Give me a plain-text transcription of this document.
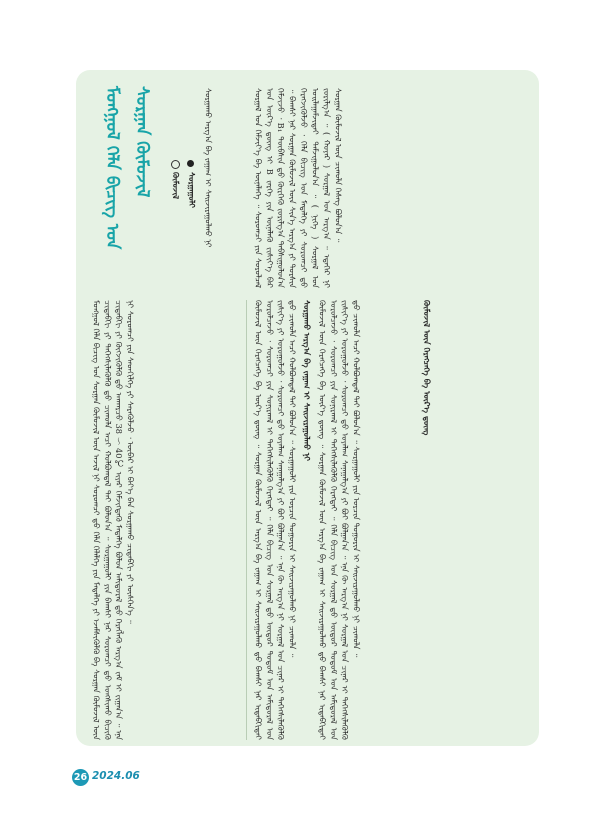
ᠮᠣᠩᠭᠣᠯ ᠬᠡᠯᠡ ᠪᠢᠴᠢᠭ ᠤᠨ ᠰᠤᠷᠭᠠᠨ ᠬᠦᠮᠦᠵᠢᠯ ᠬᠦᠮᠦᠵᠢᠯ ᠰᠤᠷᠭᠠᠭᠤᠯᠢ ᠰᠤᠷᠭᠠᠬᠤ ᠠᠷᠭ᠎ᠠ ᠪᠠ ᠵᠠᠭᠠᠭ ᠢ ᠰᠠᠢᠵᠢᠷᠠᠭᠤᠯᠬᠤ ᠨᠢ
ᠮᠣᠩᠭᠣᠯ ᠬᠡᠯᠡ ᠪᠢᠴᠢᠭ ᠤᠨ ᠰᠤᠷᠭᠠᠨ ᠬᠦᠮᠦᠵᠢᠯ ᠦᠨ ᠠᠵᠢᠯ ᠨᠢ ᠰᠤᠷᠤᠭᠴᠢ ᠳ᠋ᠤ ᠬᠡᠯᠡ ᠬᠡᠯᠡᠯᠭᠡ ᠶᠢᠨ ᠮᠡᠳᠡᠯᠭᠡ ᠶᠢ ᠡᠵᠡᠮᠰᠢᠭᠦᠯᠬᠦ ᠪᠠ ᠰᠤᠷᠭᠠᠨ ᠬᠦᠮᠦᠵᠢᠯ ᠦᠨ ᠴᠢᠳᠠᠪᠬᠢ ᠶᠢ ᠳᠡᠭᠡᠭᠰᠢᠯᠡᠭᠦᠯᠬᠦ ᠳ᠋ᠦ ᠴᠢᠬᠤᠯᠠ ᠠᠴᠢ ᠬᠣᠯᠪᠤᠭᠳᠠᠯ ᠲᠠᠢ ᠪᠣᠯᠤᠨ᠎ᠠ ᠃ ᠰᠤᠷᠭᠠᠭᠤᠯᠢ ᠶᠢᠨ ᠪᠠᠭᠰᠢ ᠨᠠᠷ ᠰᠤᠷᠤᠭᠴᠢ ᠳ᠋ᠤ ᠣᠩᠰᠢᠬᠤ ᠪᠢᠴᠢᠬᠦ ᠴᠢᠳᠠᠪᠬᠢ ᠶᠢ ᠬᠥᠭᠵᠢᠭᠦᠯᠬᠦ ᠳ᠋ᠦ ᠠᠨᠬᠠᠷᠴᠤ 38 ～ 40℃ ᠢᠶᠠᠷ ᠬᠡᠮᠵᠢᠭᠳᠡᠬᠦ ᠮᠡᠳᠡᠯᠭᠡ ᠪᠣᠯᠤᠨ ᠠᠮᠢᠳᠤᠷᠠᠯ ᠳ᠋ᠤ ᠬᠡᠷᠡᠭᠯᠡᠬᠦ ᠠᠷᠭ᠎ᠠ ᠵᠠᠮ ᠢ ᠵᠢᠭᠠᠨ᠎ᠠ ᠃ ᠡᠨᠡ ᠨᠢ ᠰᠤᠷᠤᠭᠴᠢ ᠶᠢᠨ ᠰᠡᠳᠬᠢᠯᠭᠡ ᠶᠢ ᠰᠡᠷᠡᠭᠦᠯᠵᠦ ᠂ ᠥᠪᠡᠷ ᠢ ᠪᠡᠶ᠎ᠡ ᠪᠡᠨ ᠰᠤᠷᠭᠠᠬᠤ ᠴᠢᠳᠠᠪᠬᠢ ᠶᠢ ᠥᠰᠬᠡᠨ᠎ᠡ ᠃	ᠰᠤᠷᠭᠠᠬᠤ ᠠᠷᠭ᠎ᠠ ᠪᠠ ᠵᠠᠭᠠᠭ ᠢ ᠰᠠᠢᠵᠢᠷᠠᠭᠤᠯᠬᠤ ᠨᠢ
ᠬᠦᠮᠦᠵᠢᠯ ᠦᠨ ᠬᠡᠷᠡᠭᠴᠡᠭᠡ ᠪᠠ ᠦᠷ᠎ᠡ ᠳ᠋ᠦᠩ ᠃ ᠰᠤᠷᠭᠠᠨ ᠬᠦᠮᠦᠵᠢᠯ ᠦᠨ ᠠᠷᠭ᠎ᠠ ᠪᠠ ᠵᠠᠭᠠᠭ ᠢ ᠰᠠᠢᠵᠢᠷᠠᠭᠤᠯᠬᠤ ᠳ᠋ᠤ ᠪᠠᠭᠰᠢ ᠨᠠᠷ ᠢᠳᠡᠪᠬᠢᠲᠡᠢ ᠣᠷᠣᠯᠴᠠᠵᠤ ᠂ ᠰᠤᠷᠤᠭᠴᠢ ᠶᠢᠨ ᠰᠣᠨᠢᠷᠬᠠᠯ ᠢ ᠳᠡᠭᠡᠭᠰᠢᠯᠡᠭᠦᠯᠬᠦ ᠬᠡᠷᠡᠭᠲᠡᠢ ᠃ ᠬᠡᠯᠡ ᠪᠢᠴᠢᠭ ᠤᠨ ᠰᠤᠷᠭᠠᠯ ᠳ᠋ᠤ ᠥᠳᠥᠷ ᠲᠤᠲᠤᠮ ᠤᠨ ᠠᠮᠢᠳᠤᠷᠠᠯ ᠤᠨ ᠵᠢᠱᠢᠶ᠎ᠡ ᠶᠢ ᠣᠷᠣᠭᠤᠯᠵᠤ ᠂ ᠰᠤᠷᠤᠭᠴᠢ ᠳ᠋ᠤ ᠤᠶᠠᠯᠠᠭ ᠰᠠᠨᠠᠭᠠᠯᠭ᠎ᠠ ᠶᠢ ᠪᠣᠢ ᠪᠣᠯᠭᠠᠨ᠎ᠠ ᠃ ᠡᠨᠡ ᠬᠦ ᠠᠷᠭ᠎ᠠ ᠨᠢ ᠰᠤᠷᠭᠠᠯ ᠤᠨ ᠴᠢᠨᠠᠷ ᠢ ᠳᠡᠭᠡᠭᠰᠢᠯᠡᠭᠦᠯᠬᠦ ᠳ᠋ᠦ ᠴᠢᠬᠤᠯᠠ ᠠᠴᠢ ᠬᠣᠯᠪᠤᠭᠳᠠᠯ ᠲᠠᠢ ᠪᠣᠯᠤᠨ᠎ᠠ ᠃ ᠰᠤᠷᠭᠠᠭᠤᠯᠢ ᠶᠢᠨ ᠣᠷᠴᠢᠨ ᠲᠣᠭᠣᠷᠢᠨ ᠢ ᠰᠠᠢᠵᠢᠷᠠᠭᠤᠯᠬᠤ ᠨᠢ ᠴᠢᠬᠤᠯᠠ ᠃ ᠬᠦᠮᠦᠵᠢᠯ ᠦᠨ ᠬᠡᠷᠡᠭᠴᠡᠭᠡ ᠪᠠ ᠦᠷ᠎ᠡ ᠳ᠋ᠦᠩ ᠃ ᠰᠤᠷᠭᠠᠨ ᠬᠦᠮᠦᠵᠢᠯ ᠦᠨ ᠠᠷᠭ᠎ᠠ ᠪᠠ ᠵᠠᠭᠠᠭ ᠢ ᠰᠠᠢᠵᠢᠷᠠᠭᠤᠯᠬᠤ ᠳ᠋ᠤ ᠪᠠᠭᠰᠢ ᠨᠠᠷ ᠢᠳᠡᠪᠬᠢᠲᠡᠢ ᠣᠷᠣᠯᠴᠠᠵᠤ ᠂ ᠰᠤᠷᠤᠭᠴᠢ ᠶᠢᠨ ᠰᠣᠨᠢᠷᠬᠠᠯ ᠢ ᠳᠡᠭᠡᠭᠰᠢᠯᠡᠭᠦᠯᠬᠦ ᠬᠡᠷᠡᠭᠲᠡᠢ ᠃ ᠬᠡᠯᠡ ᠪᠢᠴᠢᠭ ᠤᠨ ᠰᠤᠷᠭᠠᠯ ᠳ᠋ᠤ ᠥᠳᠥᠷ ᠲᠤᠲᠤᠮ ᠤᠨ ᠠᠮᠢᠳᠤᠷᠠᠯ ᠤᠨ ᠵᠢᠱᠢᠶ᠎ᠡ ᠶᠢ ᠣᠷᠣᠭᠤᠯᠵᠤ ᠂ ᠰᠤᠷᠤᠭᠴᠢ ᠳ᠋ᠤ ᠤᠶᠠᠯᠠᠭ ᠰᠠᠨᠠᠭᠠᠯᠭ᠎ᠠ ᠶᠢ ᠪᠣᠢ ᠪᠣᠯᠭᠠᠨ᠎ᠠ ᠃ ᠡᠨᠡ ᠬᠦ ᠠᠷᠭ᠎ᠠ ᠨᠢ ᠰᠤᠷᠭᠠᠯ ᠤᠨ ᠴᠢᠨᠠᠷ ᠢ ᠳᠡᠭᠡᠭᠰᠢᠯᠡᠭᠦᠯᠬᠦ ᠳ᠋ᠦ ᠴᠢᠬᠤᠯᠠ ᠠᠴᠢ ᠬᠣᠯᠪᠤᠭᠳᠠᠯ ᠲᠠᠢ ᠪᠣᠯᠤᠨ᠎ᠠ ᠃ ᠰᠤᠷᠭᠠᠭᠤᠯᠢ ᠶᠢᠨ ᠣᠷᠴᠢᠨ ᠲᠣᠭᠣᠷᠢᠨ ᠢ ᠰᠠᠢᠵᠢᠷᠠᠭᠤᠯᠬᠤ ᠨᠢ ᠴᠢᠬᠤᠯᠠ ᠃
ᠰᠤᠷᠭᠠᠯ ᠤᠨ ᠬᠡᠮᠵᠢᠶ᠎ᠡ ᠪᠠ ᠦᠨᠡᠯᠡᠭᠡ ᠃ ᠰᠤᠷᠤᠭᠴᠢ ᠶᠢᠨ ᠰᠤᠷᠤᠯᠴᠠᠯ ᠤᠨ ᠦᠷ᠎ᠡ ᠳ᠋ᠦᠩ ᠢ B ᠵᠡᠷᠭᠡ ᠶᠢᠨ ᠦᠨᠡᠯᠡᠬᠦ ᠵᠢᠱᠢᠶ᠎ᠡ ᠪᠡᠷ ᠬᠡᠮᠵᠢᠵᠦ ᠂ B₁ ᠲᠦᠪᠰᠢᠨ ᠳ᠋ᠦ ᠬᠦᠷᠭᠡᠬᠦ ᠵᠣᠷᠢᠯᠭ᠎ᠠ ᠳᠠᠪᠰᠢᠭᠤᠯᠤᠨ᠎ᠠ ᠃ ᠪᠠᠭᠰᠢ ᠨᠠᠷ ᠰᠤᠷᠭᠠᠨ ᠬᠦᠮᠦᠵᠢᠯ ᠦᠨ ᠰᠢᠨ᠎ᠡ ᠠᠷᠭ᠎ᠠ ᠶᠢ ᠲᠤᠷᠰᠢᠨ ᠬᠡᠷᠡᠭᠵᠢᠭᠦᠯᠵᠦ ᠂ ᠬᠡᠯᠡ ᠪᠢᠴᠢᠭ ᠤᠨ ᠮᠡᠳᠡᠯᠭᠡ ᠶᠢ ᠰᠤᠷᠤᠭᠴᠢ ᠳ᠋ᠤ ᠣᠢᠯᠠᠭᠠᠮᠵᠢᠲᠠᠢ ᠳᠠᠮᠵᠢᠭᠤᠯᠤᠨ᠎ᠠ ᠃ ( ᠨᠢᠭᠡ ) ᠰᠤᠷᠭᠠᠯ ᠤᠨ ᠵᠣᠷᠢᠯᠭ᠎ᠠ ᠃ ( ᠬᠣᠶᠠᠷ ) ᠰᠤᠷᠭᠠᠯ ᠤᠨ ᠠᠷᠭ᠎ᠠ ᠃ ᠡᠳᠡᠭᠡᠷ ᠨᠢ ᠰᠤᠷᠭᠠᠨ ᠬᠦᠮᠦᠵᠢᠯ ᠦᠨ ᠴᠢᠬᠤᠯᠠ ᠬᠡᠰᠡᠭ ᠪᠣᠯᠤᠨ᠎ᠠ ᠃
ᠬᠦᠮᠦᠵᠢᠯ ᠦᠨ ᠬᠡᠷᠡᠭᠴᠡᠭᠡ ᠪᠠ ᠦᠷ᠎ᠡ ᠳ᠋ᠦᠩ
26 2024.06
